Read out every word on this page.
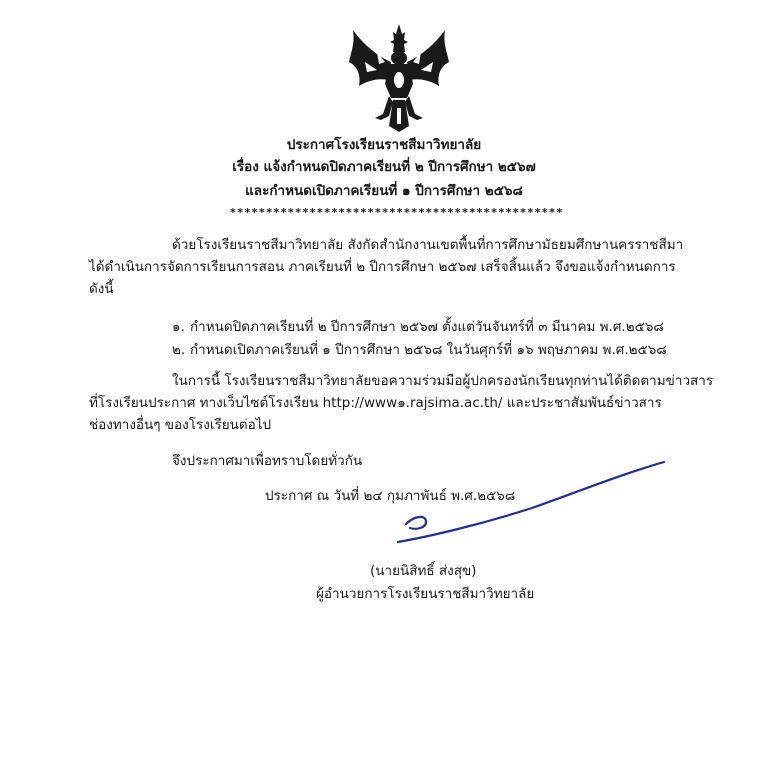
ประกาศโรงเรียนราชสีมาวิทยาลัย
เรื่อง แจ้งกำหนดปิดภาคเรียนที่ ๒ ปีการศึกษา ๒๕๖๗
และกำหนดเปิดภาคเรียนที่ ๑ ปีการศึกษา ๒๕๖๘
**********************************************
ด้วยโรงเรียนราชสีมาวิทยาลัย สังกัดสำนักงานเขตพื้นที่การศึกษามัธยมศึกษานครราชสีมา
ได้ดำเนินการจัดการเรียนการสอน ภาคเรียนที่ ๒ ปีการศึกษา ๒๕๖๗ เสร็จสิ้นแล้ว จึงขอแจ้งกำหนดการ
ดังนี้
๑. กำหนดปิดภาคเรียนที่ ๒ ปีการศึกษา ๒๕๖๗ ตั้งแต่วันจันทร์ที่ ๓ มีนาคม พ.ศ.๒๕๖๘
๒. กำหนดเปิดภาคเรียนที่ ๑ ปีการศึกษา ๒๕๖๘ ในวันศุกร์ที่ ๑๖ พฤษภาคม พ.ศ.๒๕๖๘
ในการนี้ โรงเรียนราชสีมาวิทยาลัยขอความร่วมมือผู้ปกครองนักเรียนทุกท่านได้ติดตามข่าวสาร
ที่โรงเรียนประกาศ ทางเว็บไซต์โรงเรียน http://www๑.rajsima.ac.th/ และประชาสัมพันธ์ข่าวสาร
ช่องทางอื่นๆ ของโรงเรียนต่อไป
จึงประกาศมาเพื่อทราบโดยทั่วกัน
ประกาศ ณ วันที่ ๒๔ กุมภาพันธ์ พ.ศ.๒๕๖๘
(นายนิสิทธิ์ ส่งสุข)
ผู้อำนวยการโรงเรียนราชสีมาวิทยาลัย
